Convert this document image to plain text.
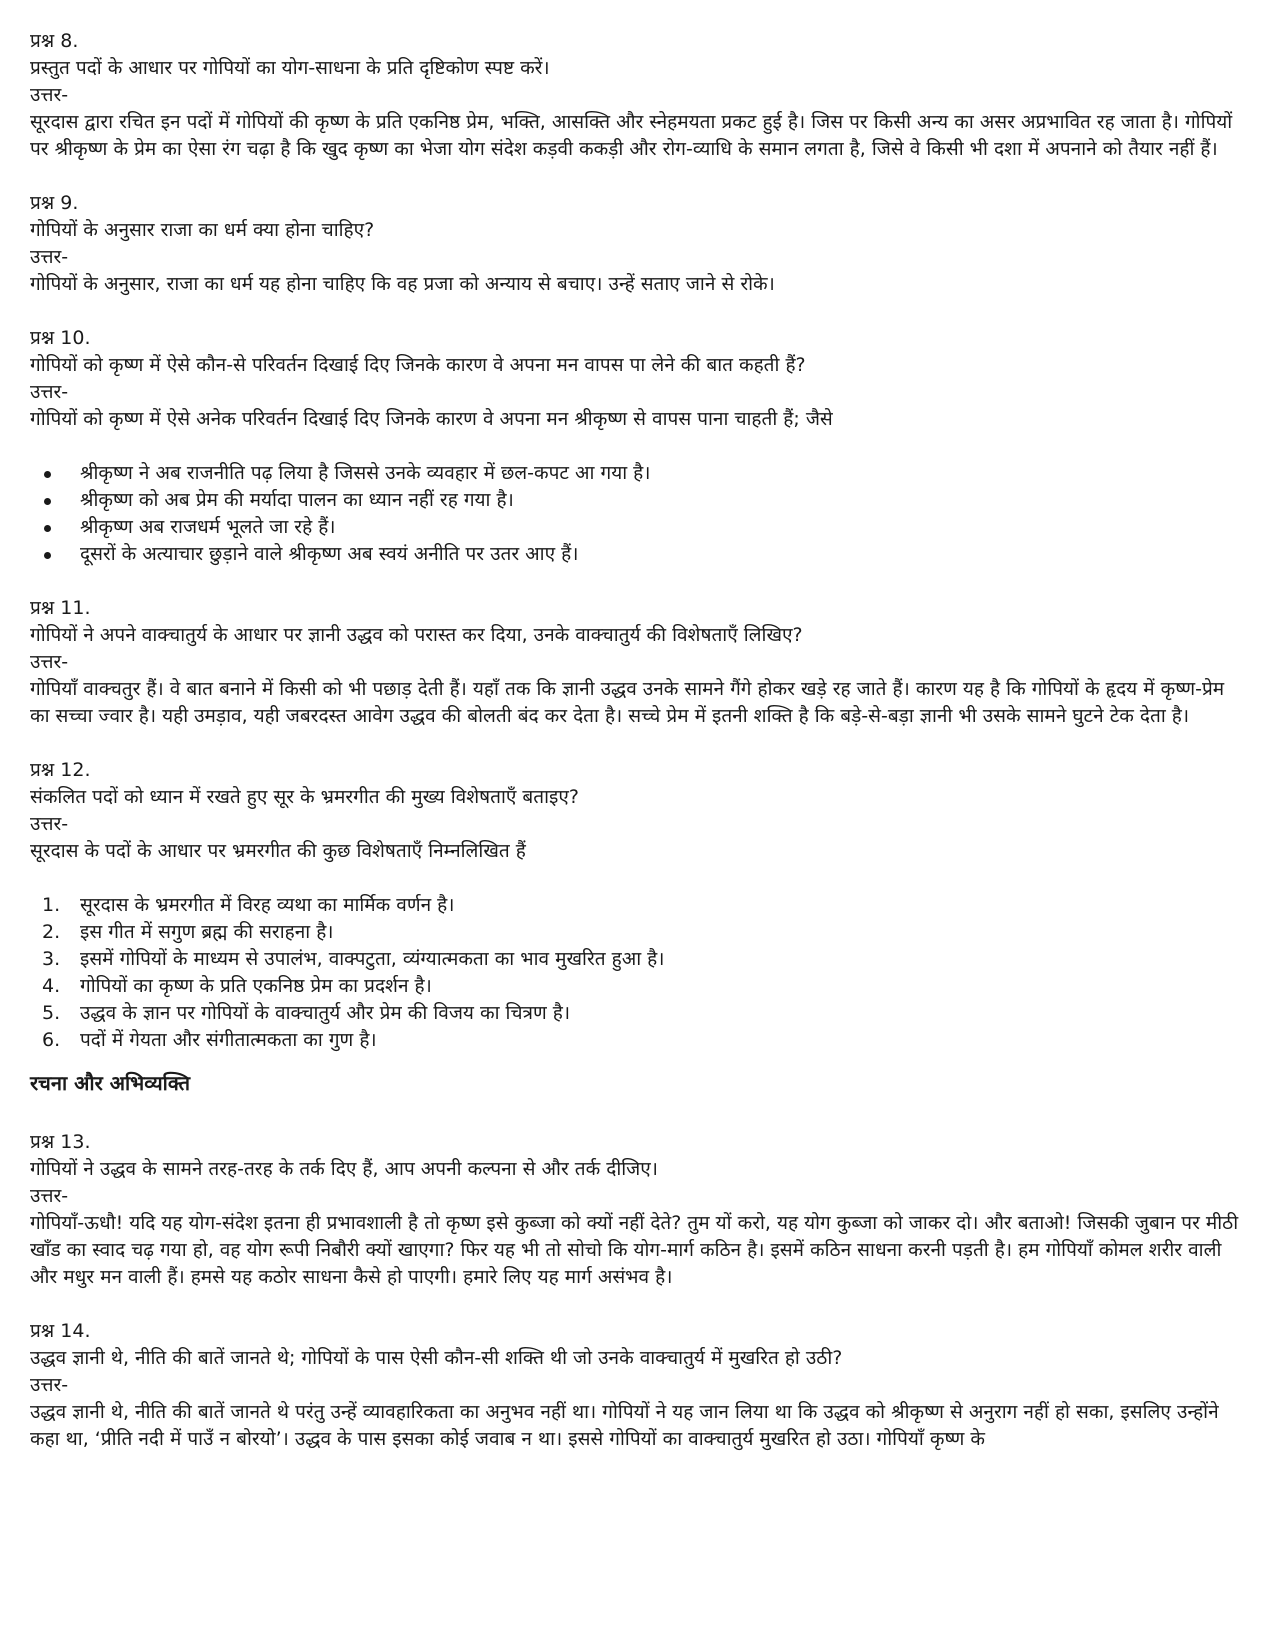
प्रश्न 8.
प्रस्तुत पदों के आधार पर गोपियों का योग-साधना के प्रति दृष्टिकोण स्पष्ट करें।
उत्तर-
सूरदास द्वारा रचित इन पदों में गोपियों की कृष्ण के प्रति एकनिष्ठ प्रेम, भक्ति, आसक्ति और स्नेहमयता प्रकट हुई है। जिस पर किसी अन्य का असर अप्रभावित रह जाता है। गोपियों पर श्रीकृष्ण के प्रेम का ऐसा रंग चढ़ा है कि खुद कृष्ण का भेजा योग संदेश कड़वी ककड़ी और रोग-व्याधि के समान लगता है, जिसे वे किसी भी दशा में अपनाने को तैयार नहीं हैं।
प्रश्न 9.
गोपियों के अनुसार राजा का धर्म क्या होना चाहिए?
उत्तर-
गोपियों के अनुसार, राजा का धर्म यह होना चाहिए कि वह प्रजा को अन्याय से बचाए। उन्हें सताए जाने से रोके।
प्रश्न 10.
गोपियों को कृष्ण में ऐसे कौन-से परिवर्तन दिखाई दिए जिनके कारण वे अपना मन वापस पा लेने की बात कहती हैं?
उत्तर-
गोपियों को कृष्ण में ऐसे अनेक परिवर्तन दिखाई दिए जिनके कारण वे अपना मन श्रीकृष्ण से वापस पाना चाहती हैं; जैसे
श्रीकृष्ण ने अब राजनीति पढ़ लिया है जिससे उनके व्यवहार में छल-कपट आ गया है।
श्रीकृष्ण को अब प्रेम की मर्यादा पालन का ध्यान नहीं रह गया है।
श्रीकृष्ण अब राजधर्म भूलते जा रहे हैं।
दूसरों के अत्याचार छुड़ाने वाले श्रीकृष्ण अब स्वयं अनीति पर उतर आए हैं।
प्रश्न 11.
गोपियों ने अपने वाक्चातुर्य के आधार पर ज्ञानी उद्धव को परास्त कर दिया, उनके वाक्चातुर्य की विशेषताएँ लिखिए?
उत्तर-
गोपियाँ वाक्चतुर हैं। वे बात बनाने में किसी को भी पछाड़ देती हैं। यहाँ तक कि ज्ञानी उद्धव उनके सामने गैंगे होकर खड़े रह जाते हैं। कारण यह है कि गोपियों के हृदय में कृष्ण-प्रेम का सच्चा ज्वार है। यही उमड़ाव, यही जबरदस्त आवेग उद्धव की बोलती बंद कर देता है। सच्चे प्रेम में इतनी शक्ति है कि बड़े-से-बड़ा ज्ञानी भी उसके सामने घुटने टेक देता है।
प्रश्न 12.
संकलित पदों को ध्यान में रखते हुए सूर के भ्रमरगीत की मुख्य विशेषताएँ बताइए?
उत्तर-
सूरदास के पदों के आधार पर भ्रमरगीत की कुछ विशेषताएँ निम्नलिखित हैं
1. सूरदास के भ्रमरगीत में विरह व्यथा का मार्मिक वर्णन है।
2. इस गीत में सगुण ब्रह्म की सराहना है।
3. इसमें गोपियों के माध्यम से उपालंभ, वाक्पटुता, व्यंग्यात्मकता का भाव मुखरित हुआ है।
4. गोपियों का कृष्ण के प्रति एकनिष्ठ प्रेम का प्रदर्शन है।
5. उद्धव के ज्ञान पर गोपियों के वाक्चातुर्य और प्रेम की विजय का चित्रण है।
6. पदों में गेयता और संगीतात्मकता का गुण है।
रचना और अभिव्यक्ति
प्रश्न 13.
गोपियों ने उद्धव के सामने तरह-तरह के तर्क दिए हैं, आप अपनी कल्पना से और तर्क दीजिए।
उत्तर-
गोपियाँ-ऊधौ! यदि यह योग-संदेश इतना ही प्रभावशाली है तो कृष्ण इसे कुब्जा को क्यों नहीं देते? तुम यों करो, यह योग कुब्जा को जाकर दो। और बताओ! जिसकी जुबान पर मीठी खाँड का स्वाद चढ़ गया हो, वह योग रूपी निबौरी क्यों खाएगा? फिर यह भी तो सोचो कि योग-मार्ग कठिन है। इसमें कठिन साधना करनी पड़ती है। हम गोपियाँ कोमल शरीर वाली और मधुर मन वाली हैं। हमसे यह कठोर साधना कैसे हो पाएगी। हमारे लिए यह मार्ग असंभव है।
प्रश्न 14.
उद्धव ज्ञानी थे, नीति की बातें जानते थे; गोपियों के पास ऐसी कौन-सी शक्ति थी जो उनके वाक्चातुर्य में मुखरित हो उठी?
उत्तर-
उद्धव ज्ञानी थे, नीति की बातें जानते थे परंतु उन्हें व्यावहारिकता का अनुभव नहीं था। गोपियों ने यह जान लिया था कि उद्धव को श्रीकृष्ण से अनुराग नहीं हो सका, इसलिए उन्होंने कहा था, ‘प्रीति नदी में पाउँ न बोरयो’। उद्धव के पास इसका कोई जवाब न था। इससे गोपियों का वाक्चातुर्य मुखरित हो उठा। गोपियाँ कृष्ण के
